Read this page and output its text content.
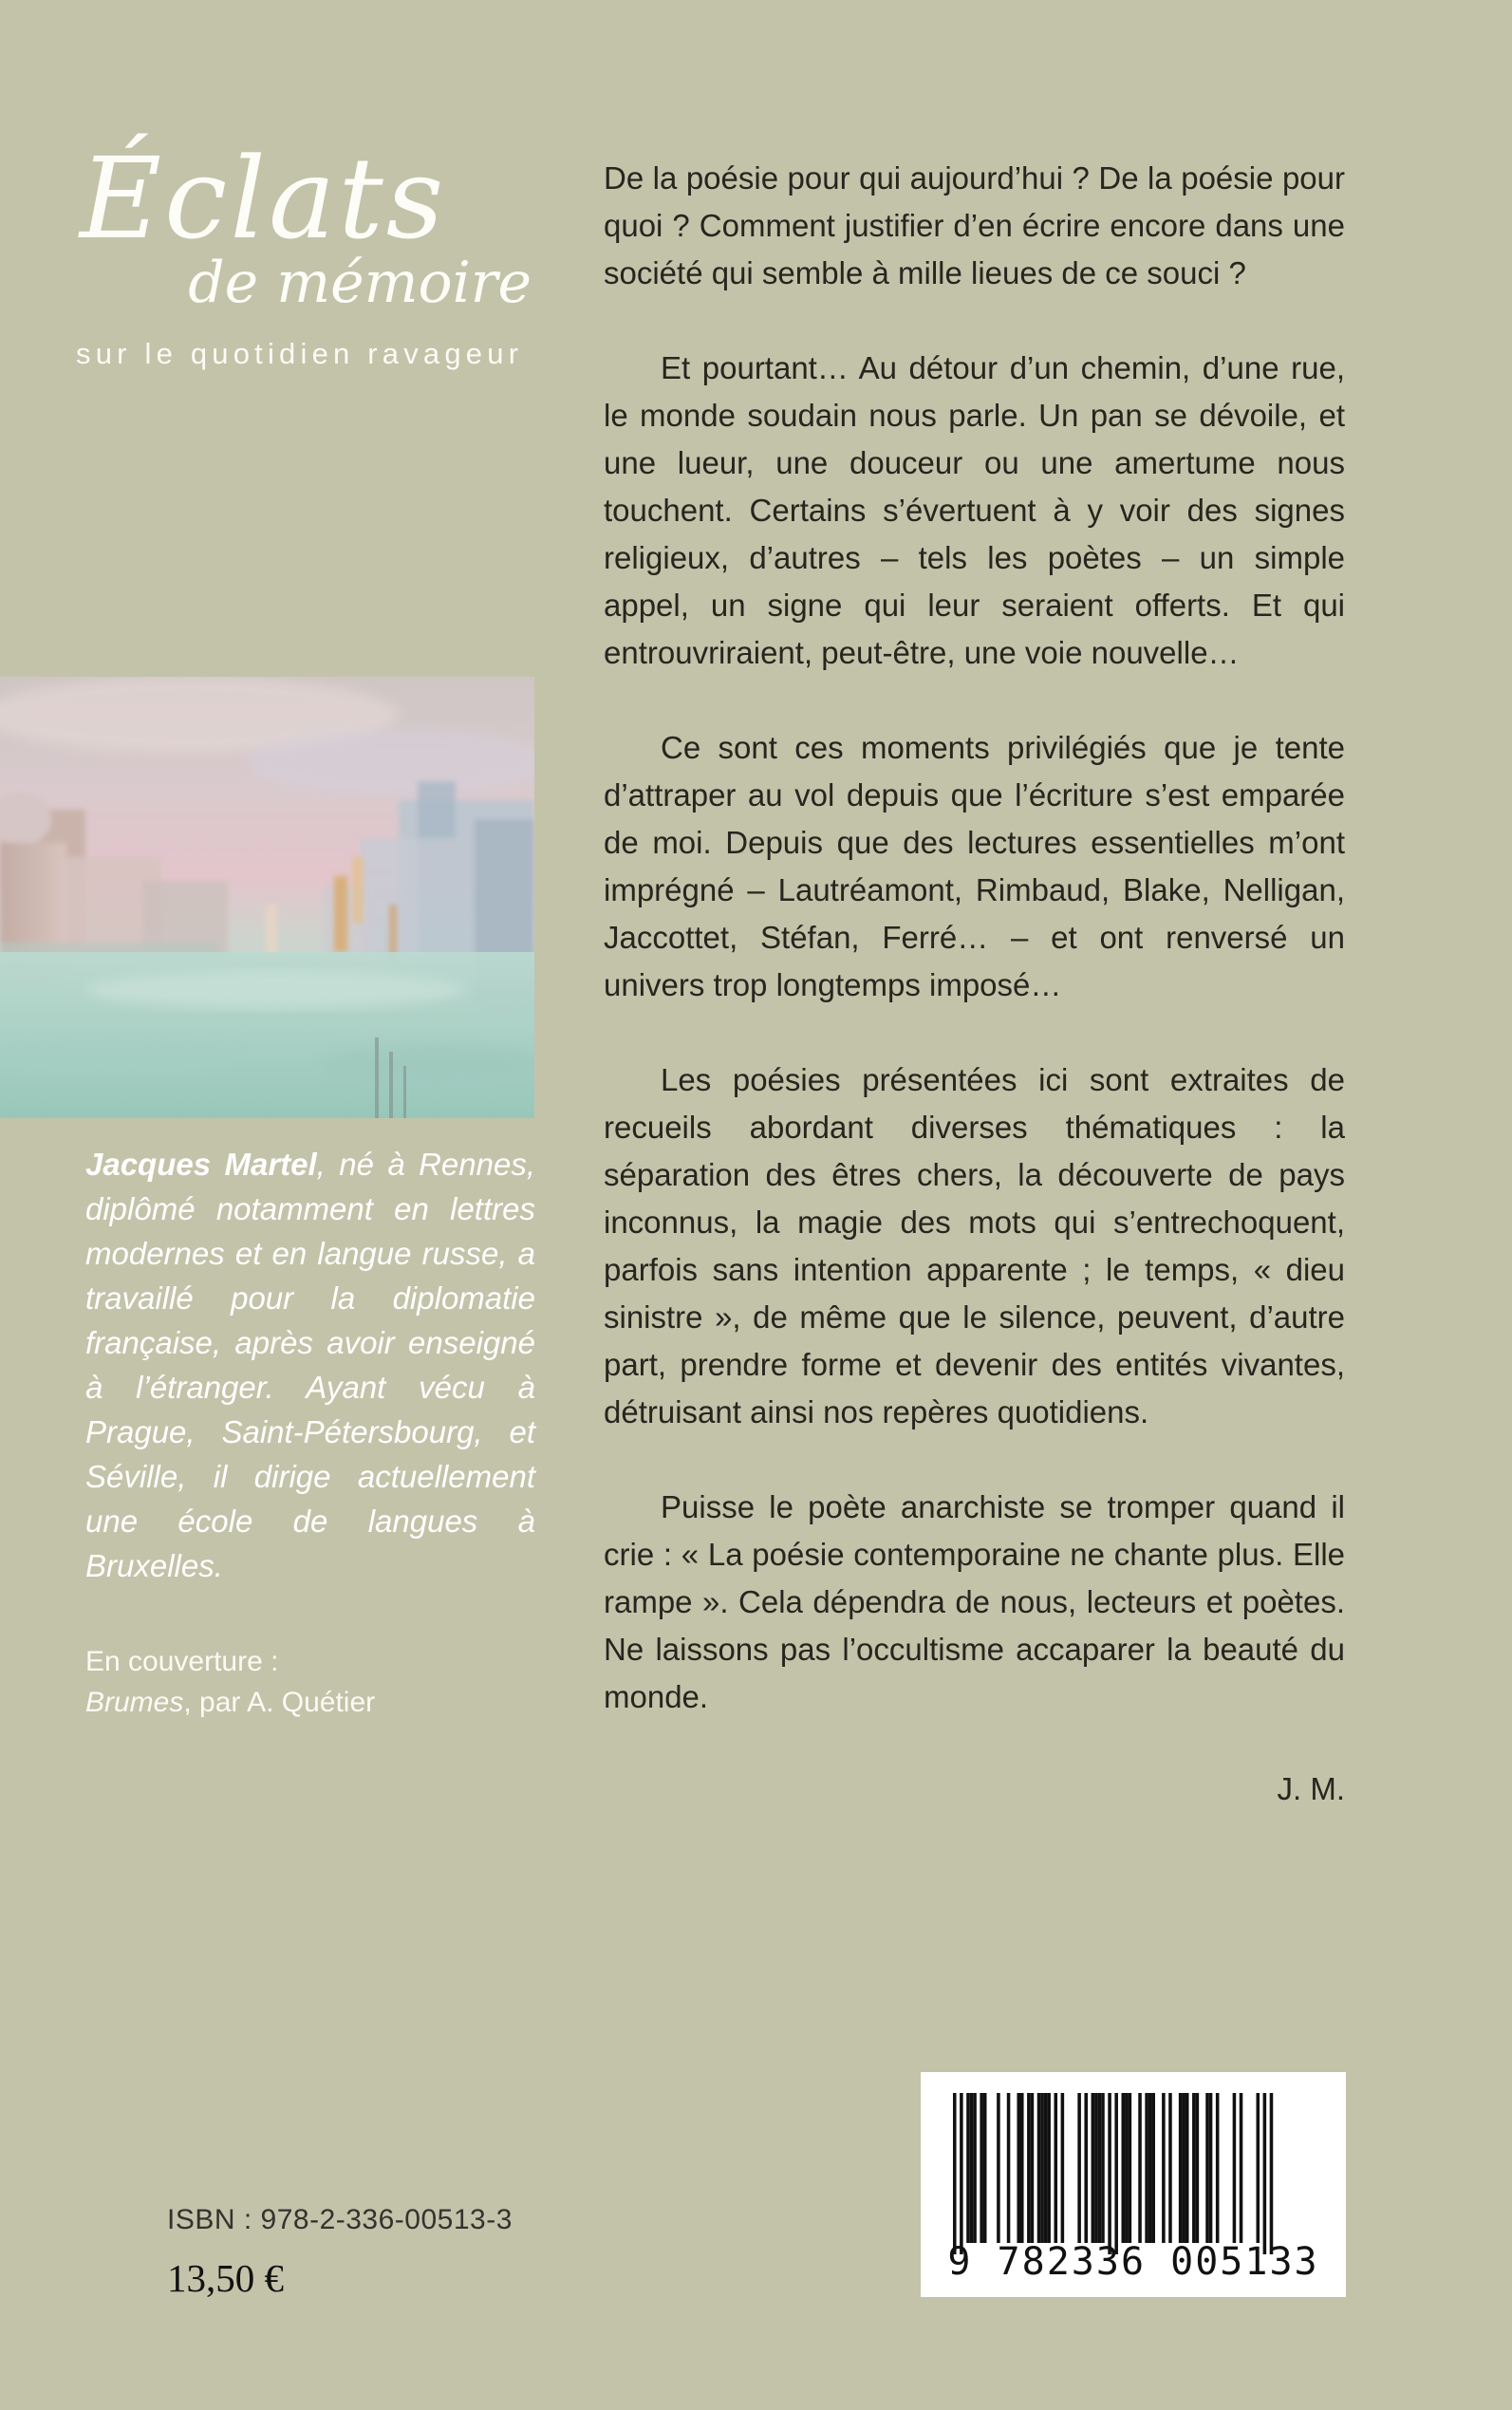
Éclats
de mémoire
sur le quotidien ravageur

Jacques Martel, né à Rennes, diplômé notamment en lettres modernes et en langue russe, a travaillé pour la diplomatie française, après avoir enseigné à l’étranger. Ayant vécu à Prague, Saint-Pétersbourg, et Séville, il dirige actuellement une école de langues à Bruxelles.

En couverture :
Brumes, par A. Quétier

De la poésie pour qui aujourd’hui ? De la poésie pour quoi ? Comment justifier d’en écrire encore dans une société qui semble à mille lieues de ce souci ?

Et pourtant… Au détour d’un chemin, d’une rue, le monde soudain nous parle. Un pan se dévoile, et une lueur, une douceur ou une amertume nous touchent. Certains s’évertuent à y voir des signes religieux, d’autres – tels les poètes – un simple appel, un signe qui leur seraient offerts. Et qui entrouvriraient, peut-être, une voie nouvelle…

Ce sont ces moments privilégiés que je tente d’attraper au vol depuis que l’écriture s’est emparée de moi. Depuis que des lectures essentielles m’ont imprégné – Lautréamont, Rimbaud, Blake, Nelligan, Jaccottet, Stéfan, Ferré… – et ont renversé un univers trop longtemps imposé…

Les poésies présentées ici sont extraites de recueils abordant diverses thématiques : la séparation des êtres chers, la découverte de pays inconnus, la magie des mots qui s’entrechoquent, parfois sans intention apparente ; le temps, « dieu sinistre », de même que le silence, peuvent, d’autre part, prendre forme et devenir des entités vivantes, détruisant ainsi nos repères quotidiens.

Puisse le poète anarchiste se tromper quand il crie : « La poésie contemporaine ne chante plus. Elle rampe ». Cela dépendra de nous, lecteurs et poètes. Ne laissons pas l’occultisme accaparer la beauté du monde.

J. M.
ISBN : 978-2-336-00513-3
13,50 €	9 782336 005133
